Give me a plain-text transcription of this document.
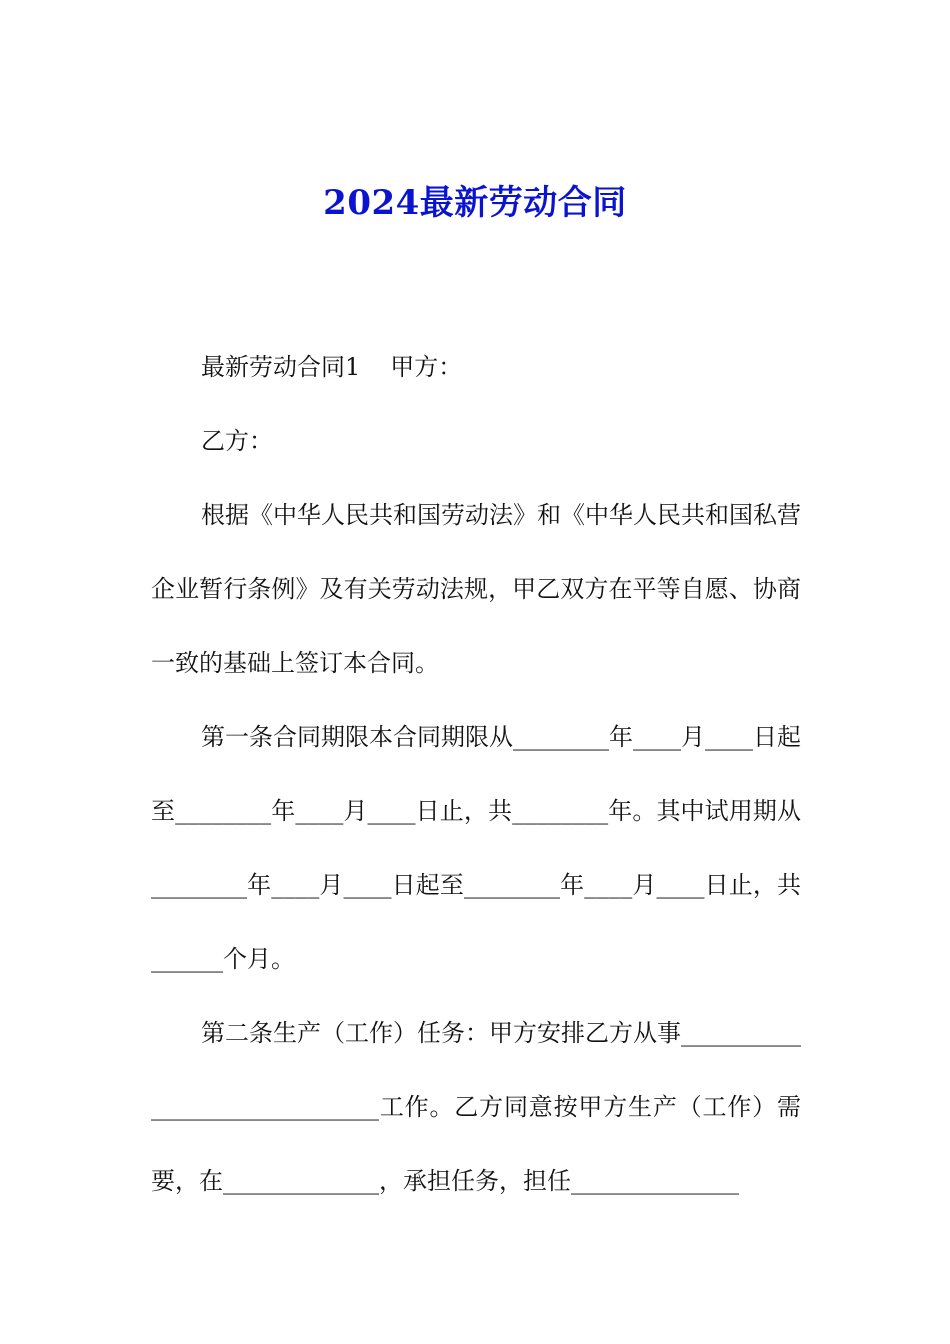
2024最新劳动合同

最新劳动合同1 甲方：

乙方：

根据《中华人民共和国劳动法》和《中华人民共和国私营企业暂行条例》及有关劳动法规，甲乙双方在平等自愿、协商一致的基础上签订本合同。

第一条合同期限本合同期限从________年____月____日起至________年____月____日止，共________年。其中试用期从________年____月____日起至________年____月____日止，共______个月。

第二条生产（工作）任务：甲方安排乙方从事_____________________________工作。乙方同意按甲方生产（工作）需要，在_____________，承担任务，担任______________
